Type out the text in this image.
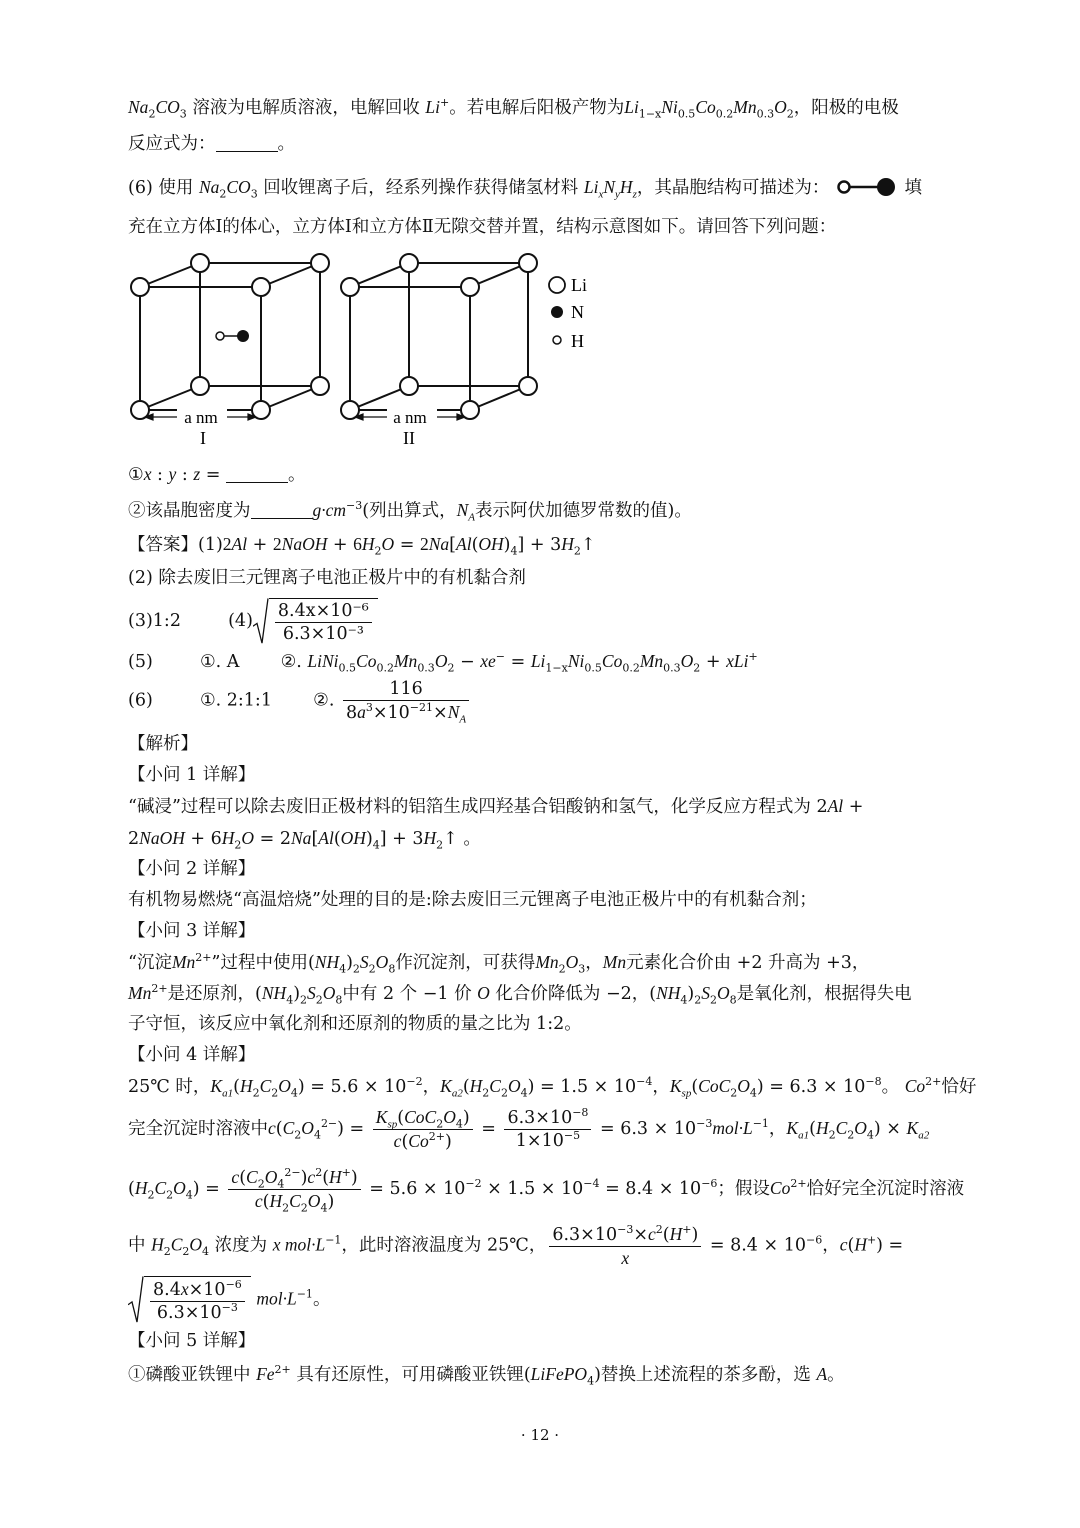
$Na_2CO_3$ 溶液为电解质溶液，电解回收 Li+。若电解后阳极产物为$Li_{1-x}Ni_{0.5}Co_{0.2}Mn_{0.3}O_2$，阳极的电极
反应式为：	。
(6) 使用 $Na_2CO_3$ 回收锂离子后，经系列操作获得储氢材料 $Li_xN_yH_z$，其晶胞结构可描述为：	填
充在立方体Ⅰ的体心，立方体Ⅰ和立方体Ⅱ无隙交替并置，结构示意图如下。请回答下列问题：
a nm	a nm
I	II
Li
N
H
①x : y : z =	。
②该晶胞密度为	$g\cdot cm^{-3}$(列出算式，$N_A$表示阿伏加德罗常数的值)。
【答案】(1)2Al + 2NaOH + $6H_2O = 2Na[Al(OH)_4]$ + $3H_2↑$
(2) 除去废旧三元锂离子电池正极片中的有机黏合剂
(3)1:2	$(4) \frac{\text{8.4x×10⁻⁶}}{\text{6.3×10⁻³}}$
(5)	①. A ②. $LiNi_{0.5}Co_{0.2}Mn_{0.3}O_2 - xe^- = Li_{1-x}Ni_{0.5}Co_{0.2}Mn_{0.3}O_2 + xLi^+$
(6)	①. 2:1:1 ②. $\frac{116}{8a^3\times 10^{-21}\times N_A}$
【解析】
【小问 1 详解】
“碱浸”过程可以除去废旧正极材料的铝箔生成四羟基合铝酸钠和氢气，化学反应方程式为 2Al +
2NaOH + $6H_2O = 2Na[Al(OH)_4]$ + $3H_2↑$ 。
【小问 2 详解】
有机物易燃烧“高温焙烧”处理的目的是:除去废旧三元锂离子电池正极片中的有机黏合剂；
【小问 3 详解】
“沉淀$Mn^{2+}$”过程中使用$(NH_4)_2S_2O_8$作沉淀剂，可获得$Mn_2O_3$，Mn元素化合价由 +2 升高为 +3，
$Mn^{2+}$是还原剂，$(NH_4)_2S_2O_8$中有 2 个 −1 价 O 化合价降低为 −2，$(NH_4)_2S_2O_8$是氧化剂，根据得失电
子守恒，该反应中氧化剂和还原剂的物质的量之比为 1:2。
【小问 4 详解】
25℃ 时，$K_{a1}(H_2C_2O_4) = 5.6 \times 10^{-2}$，$K_{a2}(H_2C_2O_4) = 1.5 \times 10^{-4}$，$K_{sp}(CoC_2O_4) = 6.3 \times 10^{-8}$。 $Co^{2+}$恰好
完全沉淀时溶液中$c(C_2O_4^{2-}) = \frac{K_{sp}(CoC_2O_4)}{c(Co^{2+})} = \frac{6.3\times 10^{-8}}{1\times 10^{-5}} = 6.3 \times 10^{-3}mol\cdot L^{-1}$，$K_{a1}(H_2C_2O_4) \times K_{a2}$
$(H_2C_2O_4) = \frac{c(C_2O_4^{2-})c^2(H^+)}{c(H_2C_2O_4)} = 5.6 \times 10^{-2} \times 1.5 \times 10^{-4} = 8.4 \times 10^{-6}$；假设$Co^{2+}$恰好完全沉淀时溶液
中 $H_2C_2O_4$ 浓度为 x $mol\cdot L^{-1}$，此时溶液温度为 25℃， $\frac{6.3\times 10^{-3}\times c^2(H^+)}{x} = 8.4 \times 10^{-6}$，c(H+) =
$\frac{8.4x\times 10^{-6}}{6.3\times 10^{-3}} mol\cdot L^{-1}$。
【小问 5 详解】
①磷酸亚铁锂中 $Fe^{2+}$ 具有还原性，可用磷酸亚铁锂(LiFePO$_4$)替换上述流程的茶多酚，选 A。
· 12 ·
